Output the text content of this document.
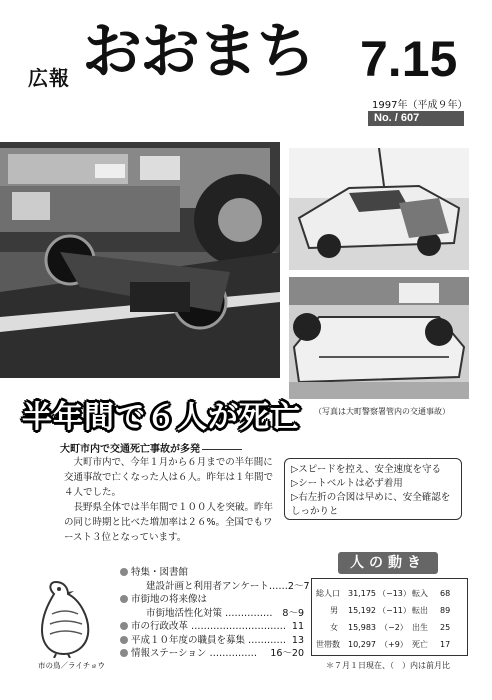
広報 おおまち 7.15
1997年（平成９年）
No. / 607
半年間で６人が死亡 （写真は大町警察署管内の交通事故）
大町市内で交通死亡事故が多発

大町市内で、今年１月から６月までの半年間に交通事故で亡くなった人は６人。昨年は１年間で４人でした。

長野県全体では半年間で１００人を突破。昨年の同じ時期と比べた増加率は２６%。全国でもワースト３位となっています。

▷スピードを控え、安全速度を守る
▷シートベルトは必ず着用
▷右左折の合図は早めに、安全確認をしっかりと
特集・図書館
建設計画と利用者アンケート……2〜7
市街地の将来像は
市街地活性化対策 …………… 8〜9
市の行政改革 ………………………… 11
平成１０年度の職員を募集 ………… 13
情報ステーション …………… 16〜20
市の鳥／ライチョウ
人の動き
総人口 31,175 （−13） 転入 68
男 15,192 （−11） 転出 89
女 15,983 （−2） 出生 25
世帯数 10,297 （+9） 死亡 17
＊７月１日現在、（　）内は前月比
